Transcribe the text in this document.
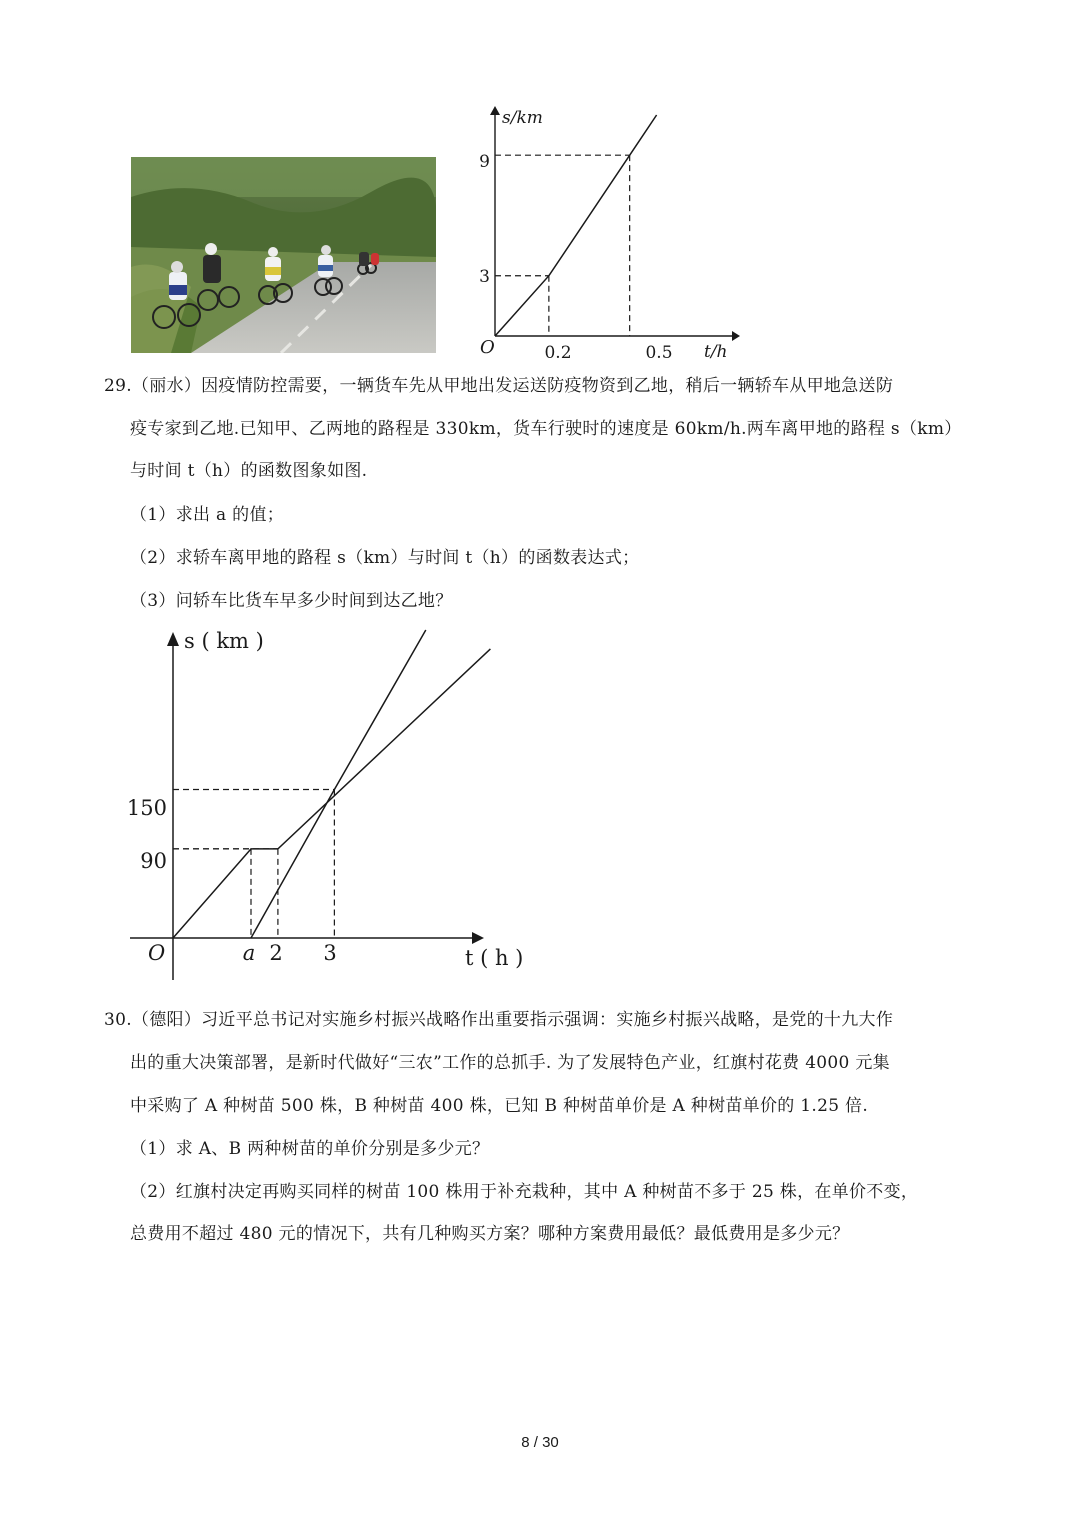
s/km
t/h
O	0.2	0.5
3
9
29.（丽水）因疫情防控需要，一辆货车先从甲地出发运送防疫物资到乙地，稍后一辆轿车从甲地急送防
疫专家到乙地.已知甲、乙两地的路程是 330km，货车行驶时的速度是 60km/h.两车离甲地的路程 s（km）
与时间 t（h）的函数图象如图.
（1）求出 a 的值；
（2）求轿车离甲地的路程 s（km）与时间 t（h）的函数表达式；
（3）问轿车比货车早多少时间到达乙地？
s ( km )
t ( h )
O	a 2 3
90
150
30.（德阳）习近平总书记对实施乡村振兴战略作出重要指示强调：实施乡村振兴战略，是党的十九大作
出的重大决策部署，是新时代做好“三农”工作的总抓手. 为了发展特色产业，红旗村花费 4000 元集
中采购了 A 种树苗 500 株，B 种树苗 400 株，已知 B 种树苗单价是 A 种树苗单价的 1.25 倍.
（1）求 A、B 两种树苗的单价分别是多少元？
（2）红旗村决定再购买同样的树苗 100 株用于补充栽种，其中 A 种树苗不多于 25 株，在单价不变，
总费用不超过 480 元的情况下，共有几种购买方案？哪种方案费用最低？最低费用是多少元？
8 / 30
